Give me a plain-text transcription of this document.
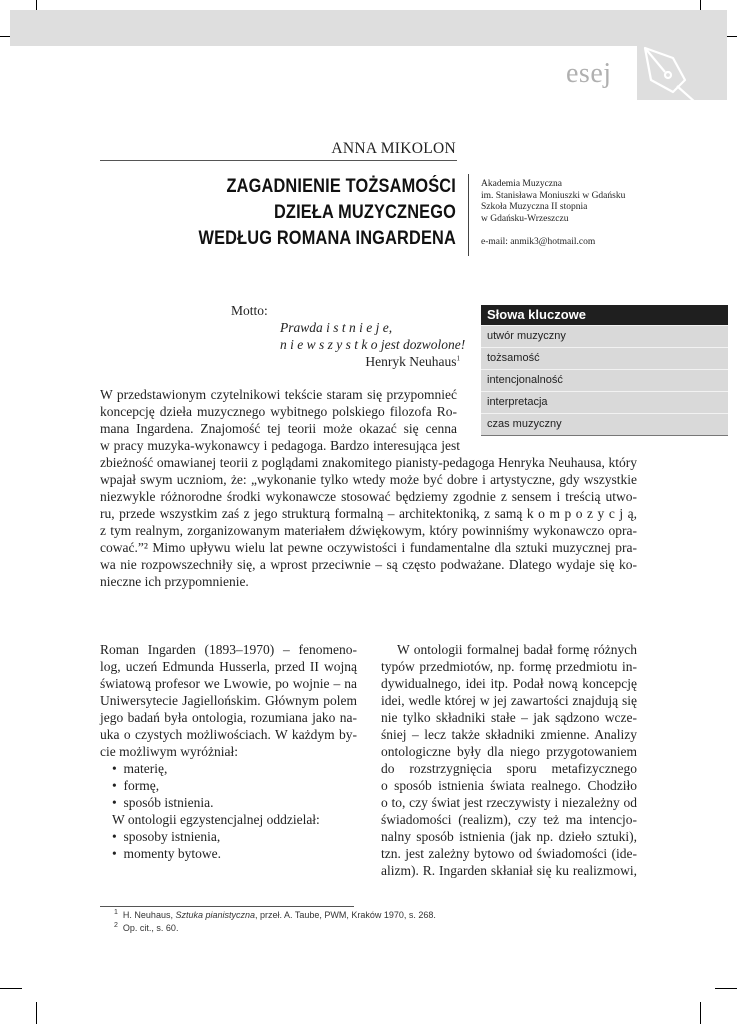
esej
ANNA MIKOLON
ZAGADNIENIE TOŻSAMOŚCI
DZIEŁA MUZYCZNEGO
WEDŁUG ROMANA INGARDENA
Akademia Muzyczna
im. Stanisława Moniuszki w Gdańsku
Szkoła Muzyczna II stopnia
w Gdańsku-Wrzeszczu
e-mail: anmik3@hotmail.com
Motto:
Prawda i s t n i e j e,
n i e w s z y s t k o jest dozwolone!
Henryk Neuhaus$^1$
Słowa kluczowe
utwór muzyczny
tożsamość
intencjonalność
interpretacja
czas muzyczny
W przedstawionym czytelnikowi tekście staram się przypomnieć
koncepcję dzieła muzycznego wybitnego polskiego filozofa Ro-
mana Ingardena. Znajomość tej teorii może okazać się cenna
w pracy muzyka-wykonawcy i pedagoga. Bardzo interesująca jest
zbieżność omawianej teorii z poglądami znakomitego pianisty-pedagoga Henryka Neuhausa, który
wpajał swym uczniom, że: „wykonanie tylko wtedy może być dobre i artystyczne, gdy wszystkie
niezwykle różnorodne środki wykonawcze stosować będziemy zgodnie z sensem i treścią utwo-
ru, przede wszystkim zaś z jego strukturą formalną – architektoniką, z samą k o m p o z y c j ą,
z tym realnym, zorganizowanym materiałem dźwiękowym, który powinniśmy wykonawczo opra-
cować.”² Mimo upływu wielu lat pewne oczywistości i fundamentalne dla sztuki muzycznej pra-
wa nie rozpowszechniły się, a wprost przeciwnie – są często podważane. Dlatego wydaje się ko-
nieczne ich przypomnienie.
Roman Ingarden (1893–1970) – fenomeno-
log, uczeń Edmunda Husserla, przed II wojną
światową profesor we Lwowie, po wojnie – na
Uniwersytecie Jagiellońskim. Głównym polem
jego badań była ontologia, rozumiana jako na-
uka o czystych możliwościach. W każdym by-
cie możliwym wyróżniał:
•  materię,
•  formę,
•  sposób istnienia.
W ontologii egzystencjalnej oddzielał:
•  sposoby istnienia,
•  momenty bytowe.
W ontologii formalnej badał formę różnych
typów przedmiotów, np. formę przedmiotu in-
dywidualnego, idei itp. Podał nową koncepcję
idei, wedle której w jej zawartości znajdują się
nie tylko składniki stałe – jak sądzono wcze-
śniej – lecz także składniki zmienne. Analizy
ontologiczne były dla niego przygotowaniem
do rozstrzygnięcia sporu metafizycznego
o sposób istnienia świata realnego. Chodziło
o to, czy świat jest rzeczywisty i niezależny od
świadomości (realizm), czy też ma intencjo-
nalny sposób istnienia (jak np. dzieło sztuki),
tzn. jest zależny bytowo od świadomości (ide-
alizm). R. Ingarden skłaniał się ku realizmowi,
$^1$ H. Neuhaus, Sztuka pianistyczna, przeł. A. Taube, PWM, Kraków 1970, s. 268.
$^2$ Op. cit., s. 60.
